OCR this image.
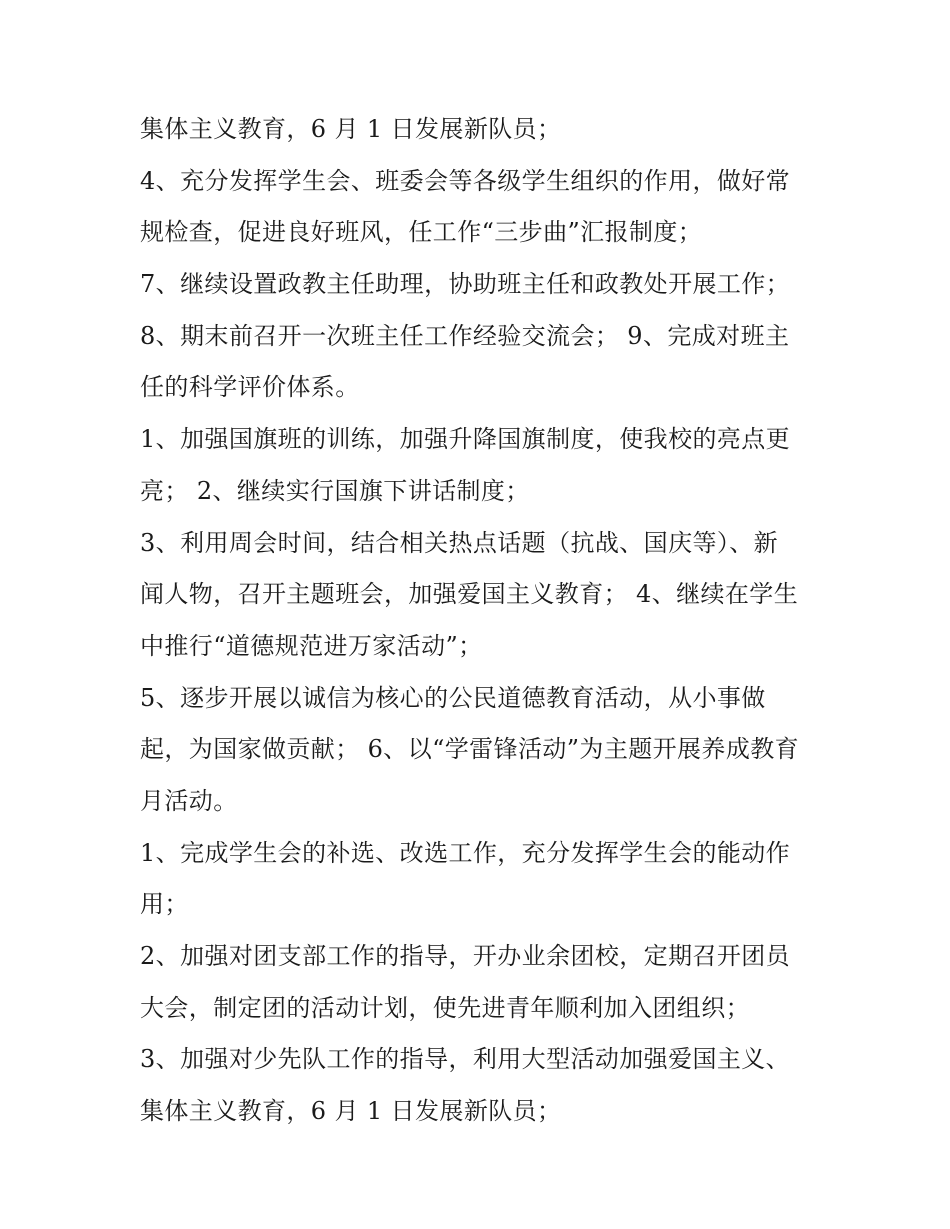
集体主义教育，6 月 1 日发展新队员；

4、充分发挥学生会、班委会等各级学生组织的作用，做好常

规检查，促进良好班风，任工作“三步曲”汇报制度；

7、继续设置政教主任助理，协助班主任和政教处开展工作；

8、期末前召开一次班主任工作经验交流会； 9、完成对班主

任的科学评价体系。

1、加强国旗班的训练，加强升降国旗制度，使我校的亮点更

亮； 2、继续实行国旗下讲话制度；

3、利用周会时间，结合相关热点话题（抗战、国庆等）、新

闻人物，召开主题班会，加强爱国主义教育； 4、继续在学生

中推行“道德规范进万家活动”；

5、逐步开展以诚信为核心的公民道德教育活动，从小事做

起，为国家做贡献； 6、以“学雷锋活动”为主题开展养成教育

月活动。

1、完成学生会的补选、改选工作，充分发挥学生会的能动作

用；

2、加强对团支部工作的指导，开办业余团校，定期召开团员

大会，制定团的活动计划，使先进青年顺利加入团组织；

3、加强对少先队工作的指导，利用大型活动加强爱国主义、

集体主义教育，6 月 1 日发展新队员；
